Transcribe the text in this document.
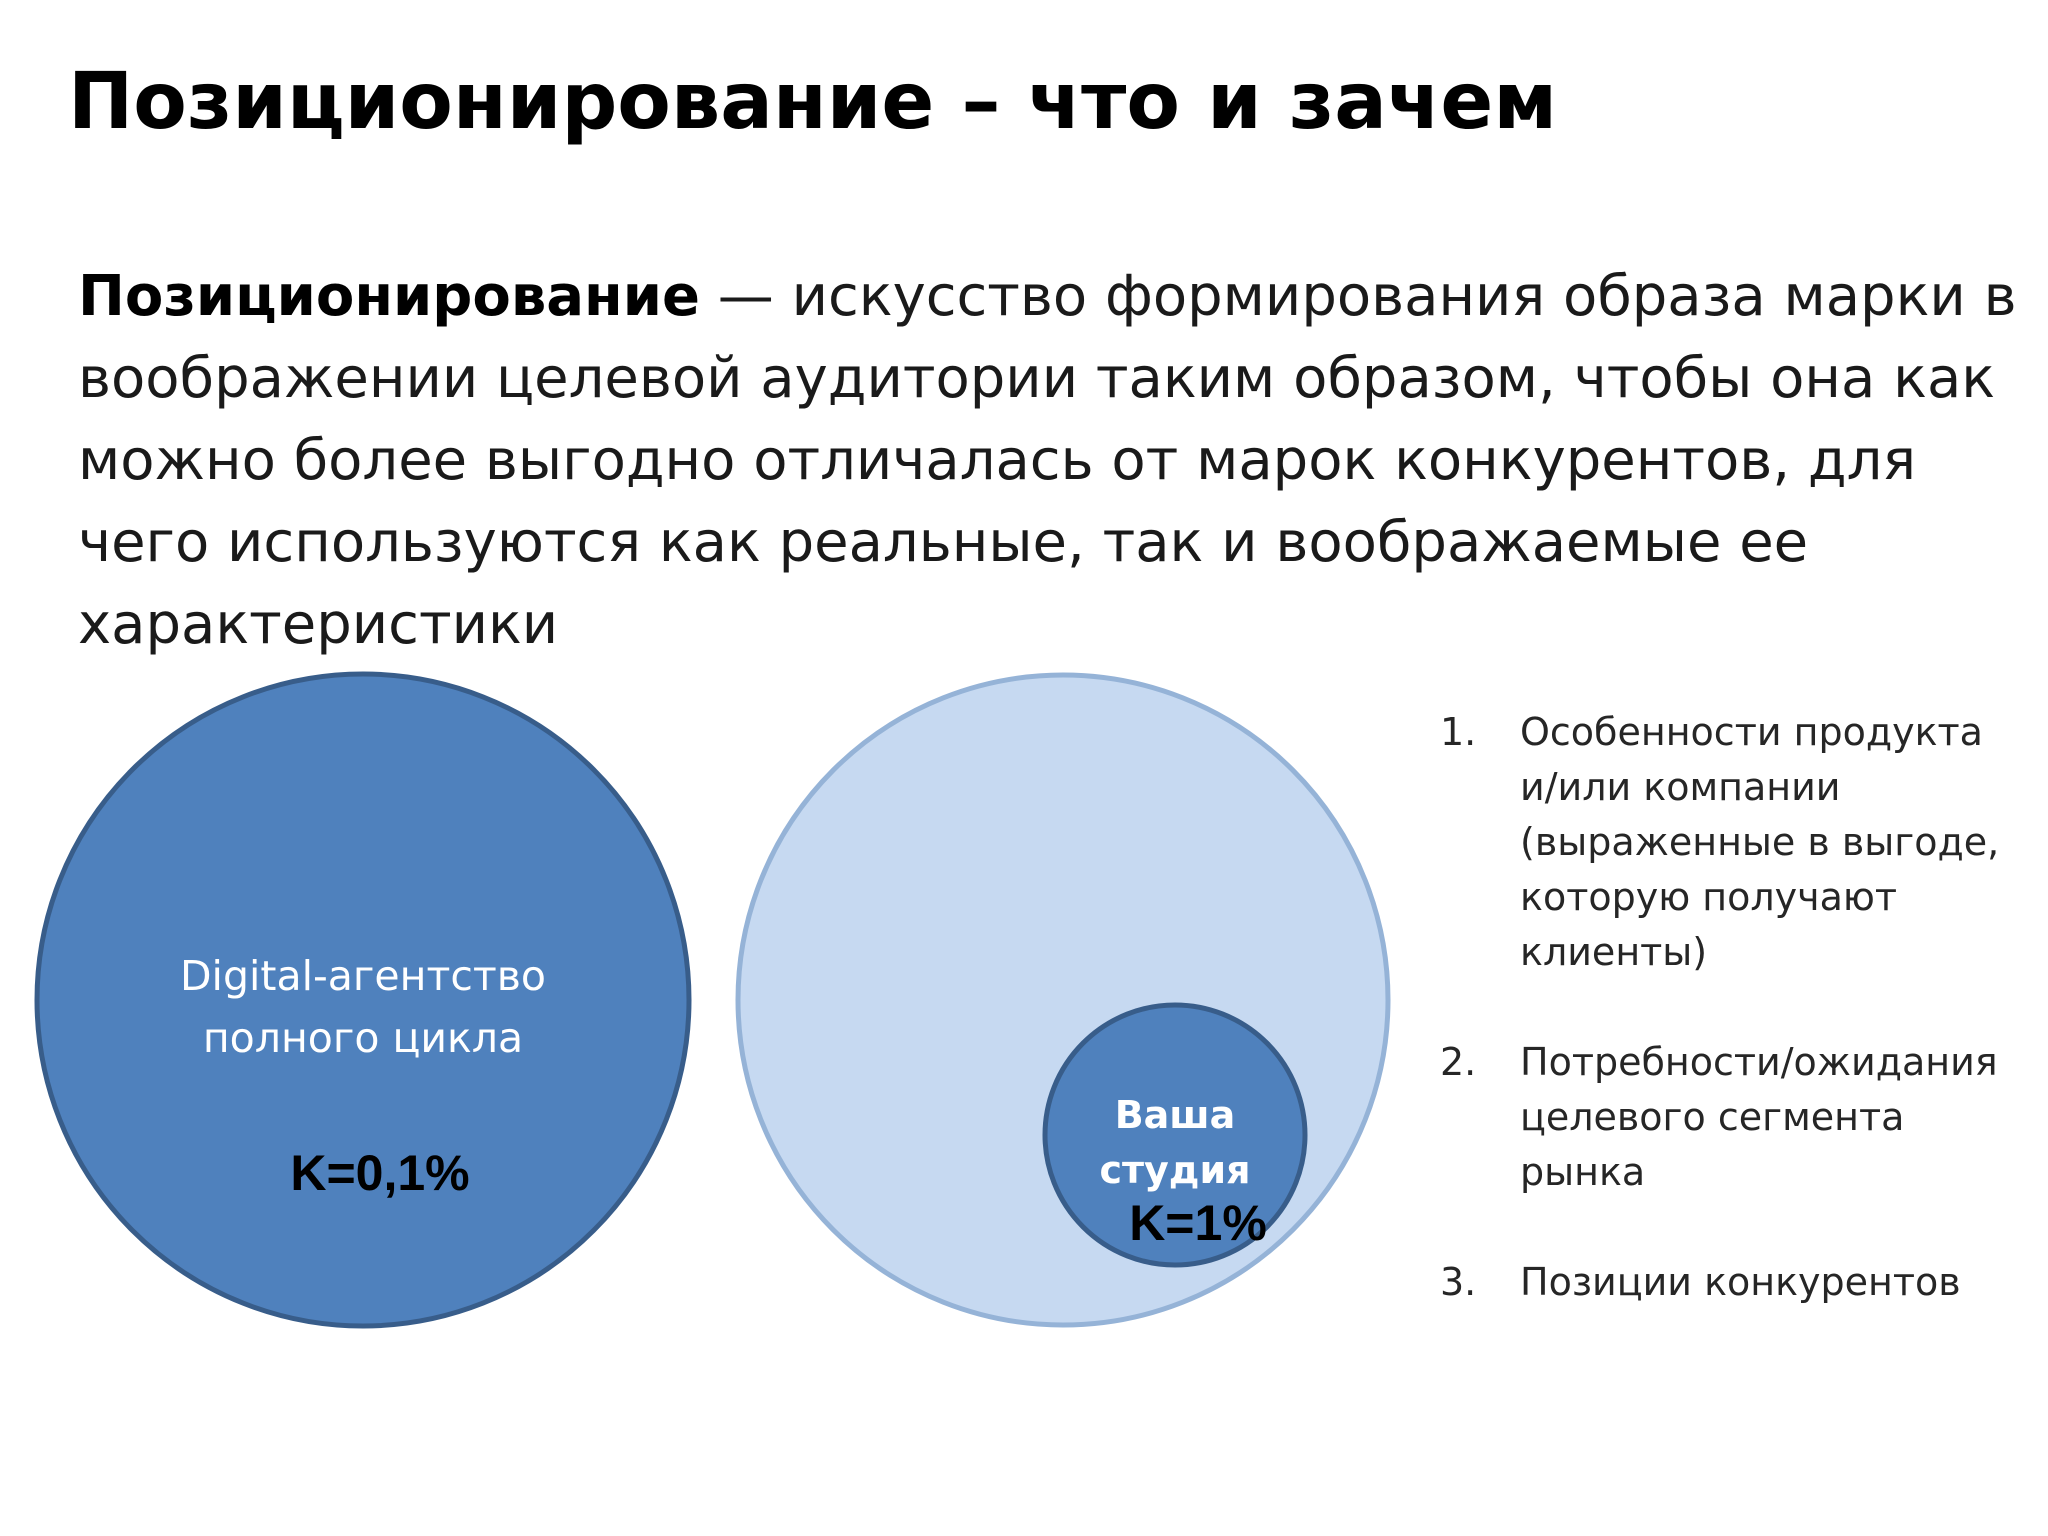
Позиционирование – что и зачем

Позиционирование — искусство формирования образа марки в воображении целевой аудитории таким образом, чтобы она как можно более выгодно отличалась от марок конкурентов, для чего используются как реальные, так и воображаемые ее характеристики

Digital-агентство
полного цикла
K=0,1%
Ваша
студия
K=1%
1. Особенности продукта и/или компании (выраженные в выгоде, которую получают клиенты)
2. Потребности/ожидания целевого сегмента рынка
3. Позиции конкурентов
